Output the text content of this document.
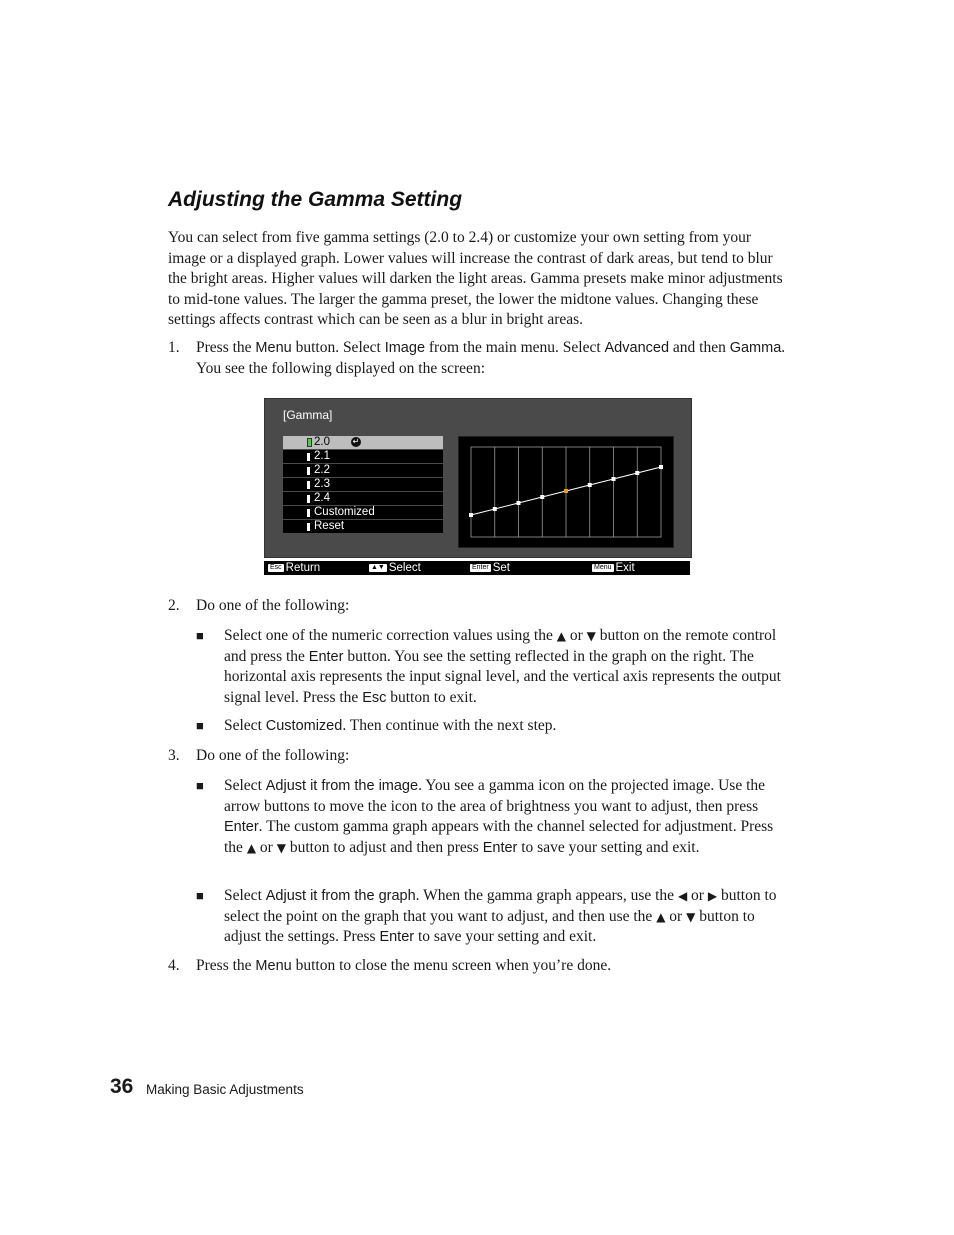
Adjusting the Gamma Setting

You can select from five gamma settings (2.0 to 2.4) or customize your own setting from your image or a displayed graph. Lower values will increase the contrast of dark areas, but tend to blur the bright areas. Higher values will darken the light areas. Gamma presets make minor adjustments to mid-tone values. The larger the gamma preset, the lower the midtone values. Changing these settings affects contrast which can be seen as a blur in bright areas.

1. Press the Menu button. Select Image from the main menu. Select Advanced and then Gamma. You see the following displayed on the screen:
[Gamma]
2.0	↵
2.1
2.2
2.3
2.4
Customized
Reset
Esc Return	▲▼ Select	Enter Set	Menu Exit
2. Do one of the following:
■ Select one of the numeric correction values using the ▲ or ▼ button on the remote control and press the Enter button. You see the setting reflected in the graph on the right. The horizontal axis represents the input signal level, and the vertical axis represents the output signal level. Press the Esc button to exit.
■ Select Customized. Then continue with the next step.
3. Do one of the following:
■ Select Adjust it from the image. You see a gamma icon on the projected image. Use the arrow buttons to move the icon to the area of brightness you want to adjust, then press Enter. The custom gamma graph appears with the channel selected for adjustment. Press the ▲ or ▼ button to adjust and then press Enter to save your setting and exit.
■ Select Adjust it from the graph. When the gamma graph appears, use the ◀ or ▶ button to select the point on the graph that you want to adjust, and then use the ▲ or ▼ button to adjust the settings. Press Enter to save your setting and exit.
4. Press the Menu button to close the menu screen when you’re done.
36 Making Basic Adjustments
